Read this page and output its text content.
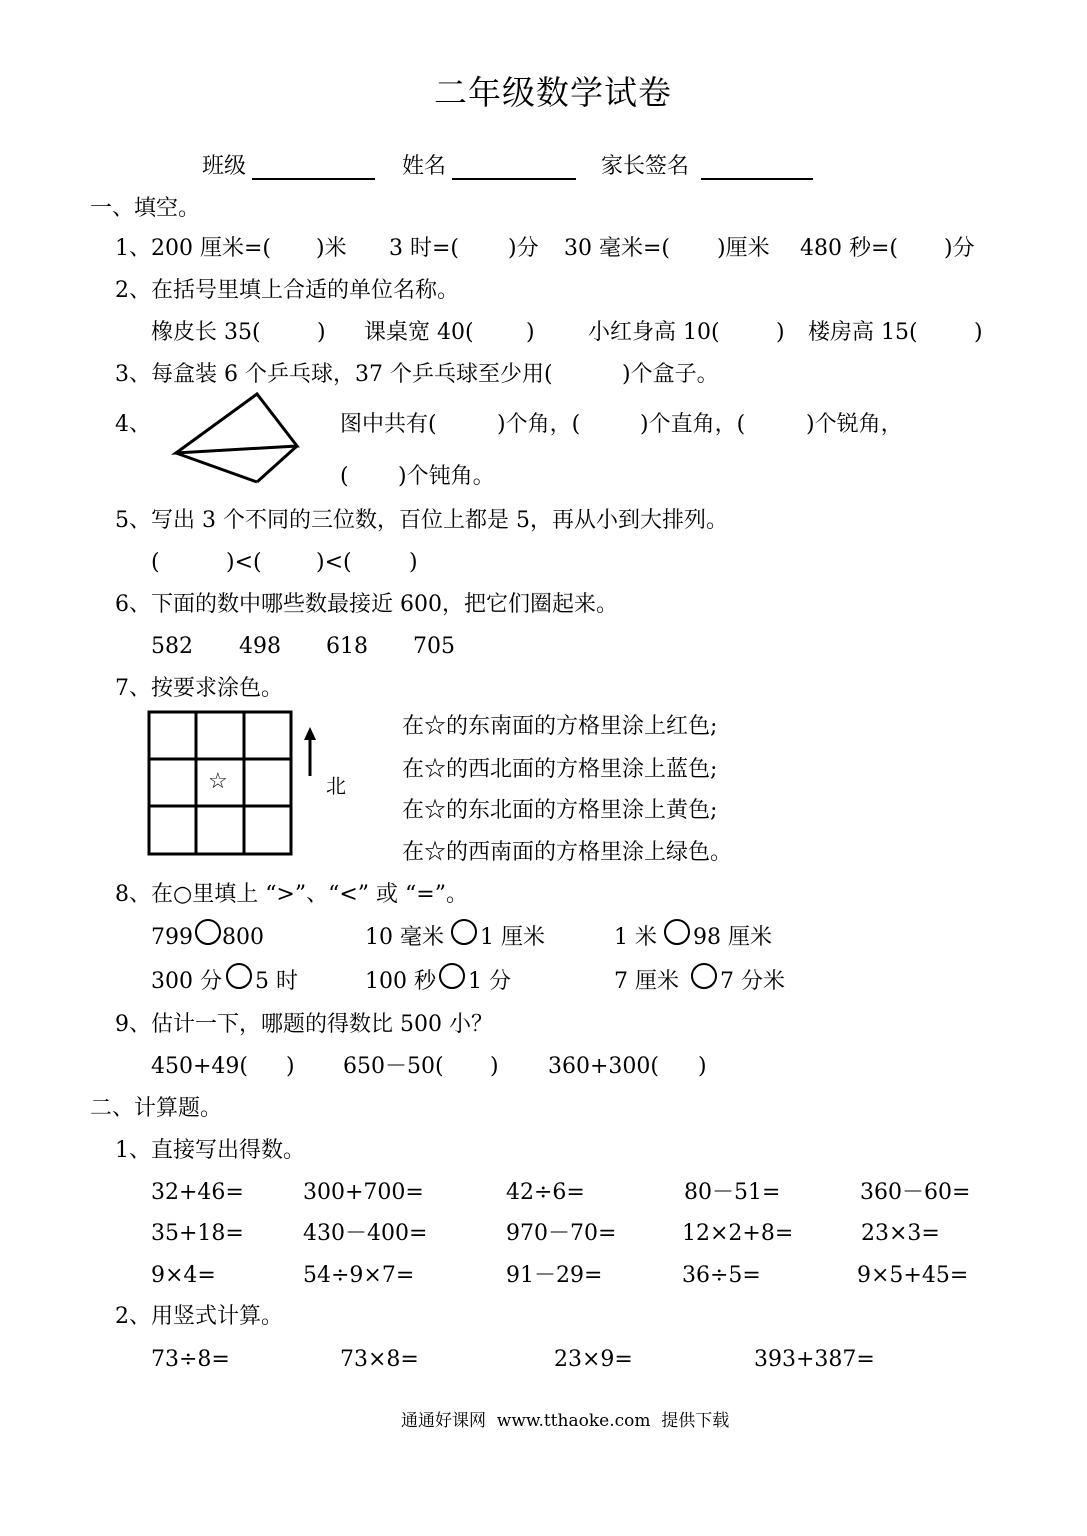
二年级数学试卷
班级	姓名	家长签名
一、填空。
1、 200 厘米=( )米 3 时=( )分 30 毫米=( )厘米 480 秒=( )分
2、 在括号里填上合适的单位名称。
橡皮长 35(	) 课桌宽 40( ) 小红身高 10(	) 楼房高 15(	)
3、 每盒装 6 个乒乓球，37 个乒乓球至少用(	)个盒子。
4、	图中共有(	)个角，(	)个直角，(	)个锐角，
( )个钝角。
5、 写出 3 个不同的三位数，百位上都是 5，再从小到大排列。
(	)<( )<(	)
6、 下面的数中哪些数最接近 600，把它们圈起来。
582 498 618 705
7、 按要求涂色。
☆	北
在☆的东南面的方格里涂上红色;
在☆的西北面的方格里涂上蓝色;
在☆的东北面的方格里涂上黄色;
在☆的西南面的方格里涂上绿色。
8、 在○里填上 “>”、“<” 或 “=”。
799 800	10 毫米 1 厘米	1 米 98 厘米
300 分 5 时	100 秒 1 分	7 厘米 7 分米
9、 估计一下，哪题的得数比 500 小？
450+49( ) 650－50( ) 360+300( )
二、计算题。
1、 直接写出得数。
32+46=	300+700=	42÷6=	80－51=	360－60=
35+18=	430－400=	970－70=	12×2+8=	23×3=
9×4=	54÷9×7=	91－29=	36÷5=	9×5+45=
2、 用竖式计算。
73÷8=	73×8=	23×9=	393+387=
通通好课网  www.tthaoke.com  提供下载
